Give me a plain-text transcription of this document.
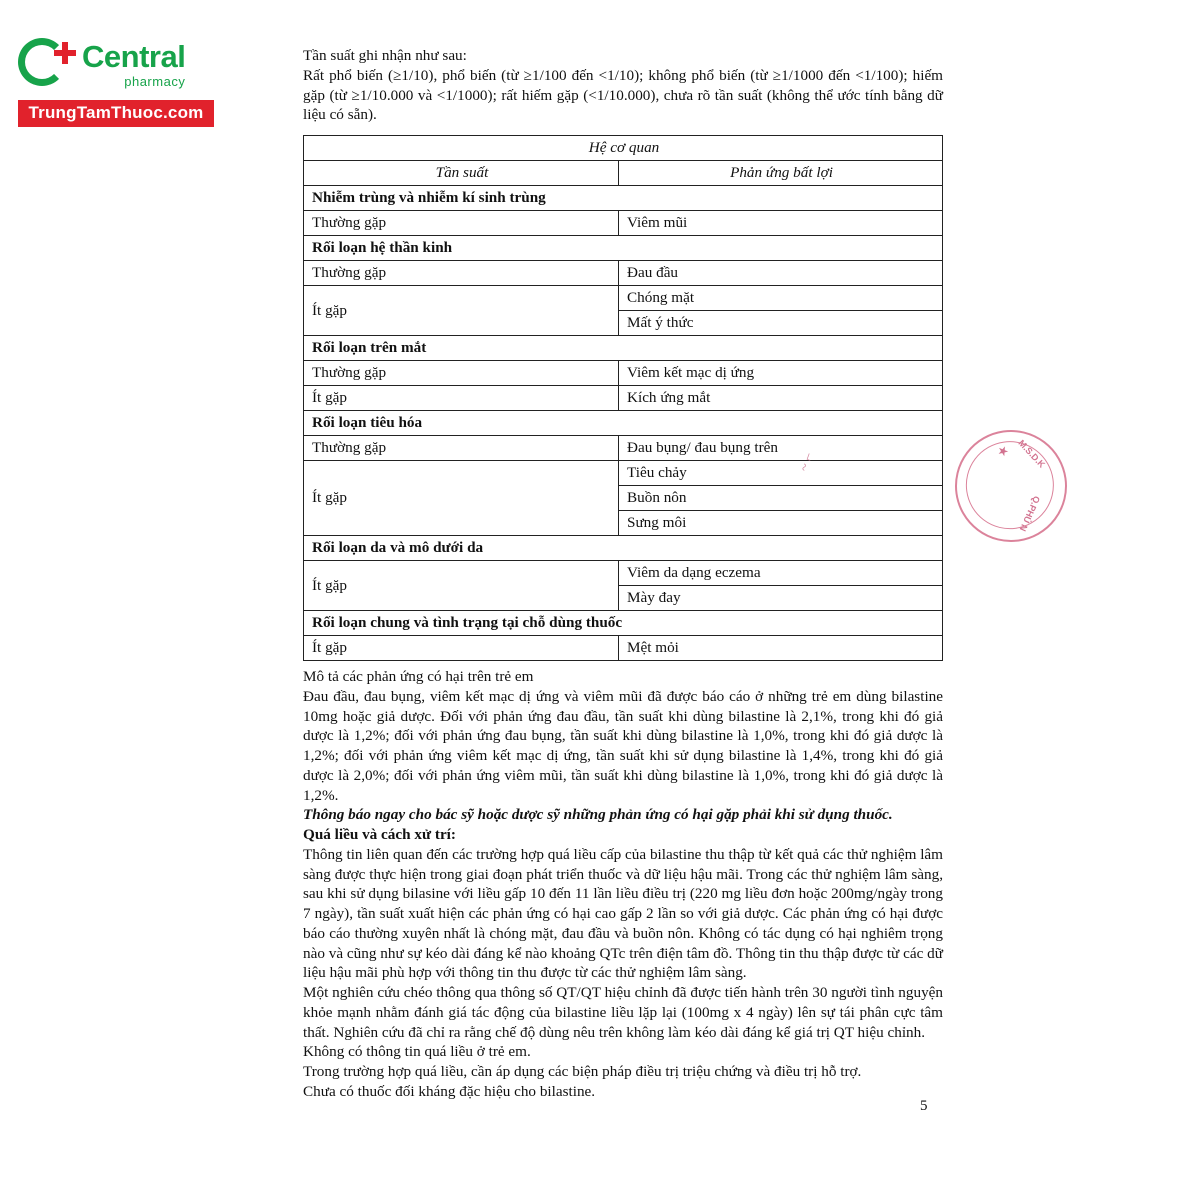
Central
pharmacy
TrungTamThuoc.com

Tần suất ghi nhận như sau:

Rất phổ biến (≥1/10), phổ biến (từ ≥1/100 đến <1/10); không phổ biến (từ ≥1/1000 đến <1/100); hiếm gặp (từ ≥1/10.000 và <1/1000); rất hiếm gặp (<1/10.000), chưa rõ tần suất (không thể ước tính bằng dữ liệu có sẵn).

Hệ cơ quan	
Tần suất	Phản ứng bất lợi
Nhiễm trùng và nhiễm kí sinh trùng	
Thường gặp	Viêm mũi
Rối loạn hệ thần kinh	
Thường gặp	Đau đầu
Ít gặp	Chóng mặt
	Mất ý thức
Rối loạn trên mắt	
Thường gặp	Viêm kết mạc dị ứng
Ít gặp	Kích ứng mắt
Rối loạn tiêu hóa	
Thường gặp	Đau bụng/ đau bụng trên
Ít gặp	Tiêu chảy
	Buồn nôn
	Sưng môi
Rối loạn da và mô dưới da	
Ít gặp	Viêm da dạng eczema
	Mày đay
Rối loạn chung và tình trạng tại chỗ dùng thuốc	
Ít gặp	Mệt mỏi

Mô tả các phản ứng có hại trên trẻ em

Đau đầu, đau bụng, viêm kết mạc dị ứng và viêm mũi đã được báo cáo ở những trẻ em dùng bilastine 10mg hoặc giả dược. Đối với phản ứng đau đầu, tần suất khi dùng bilastine là 2,1%, trong khi đó giả dược là 1,2%; đối với phản ứng đau bụng, tần suất khi dùng bilastine là 1,0%, trong khi đó giả dược là 1,2%; đối với phản ứng viêm kết mạc dị ứng, tần suất khi sử dụng bilastine là 1,4%, trong khi đó giả dược là 2,0%; đối với phản ứng viêm mũi, tần suất khi dùng bilastine là 1,0%, trong khi đó giả dược là 1,2%.

Thông báo ngay cho bác sỹ hoặc dược sỹ những phản ứng có hại gặp phải khi sử dụng thuốc.

Quá liều và cách xử trí:

Thông tin liên quan đến các trường hợp quá liều cấp của bilastine thu thập từ kết quả các thử nghiệm lâm sàng được thực hiện trong giai đoạn phát triển thuốc và dữ liệu hậu mãi. Trong các thử nghiệm lâm sàng, sau khi sử dụng bilasine với liều gấp 10 đến 11 lần liều điều trị (220 mg liều đơn hoặc 200mg/ngày trong 7 ngày), tần suất xuất hiện các phản ứng có hại cao gấp 2 lần so với giả dược. Các phản ứng có hại được báo cáo thường xuyên nhất là chóng mặt, đau đầu và buồn nôn. Không có tác dụng có hại nghiêm trọng nào và cũng như sự kéo dài đáng kể nào khoảng QTc trên điện tâm đồ. Thông tin thu thập được từ các dữ liệu hậu mãi phù hợp với thông tin thu được từ các thử nghiệm lâm sàng.

Một nghiên cứu chéo thông qua thông số QT/QT hiệu chỉnh đã được tiến hành trên 30 người tình nguyện khỏe mạnh nhằm đánh giá tác động của bilastine liều lặp lại (100mg x 4 ngày) lên sự tái phân cực tâm thất. Nghiên cứu đã chỉ ra rằng chế độ dùng nêu trên không làm kéo dài đáng kể giá trị QT hiệu chỉnh.

Không có thông tin quá liều ở trẻ em.

Trong trường hợp quá liều, cần áp dụng các biện pháp điều trị triệu chứng và điều trị hỗ trợ.

Chưa có thuốc đối kháng đặc hiệu cho bilastine.

~ ⌐	M.S.D.K
Q.PHỦ N
★
5
